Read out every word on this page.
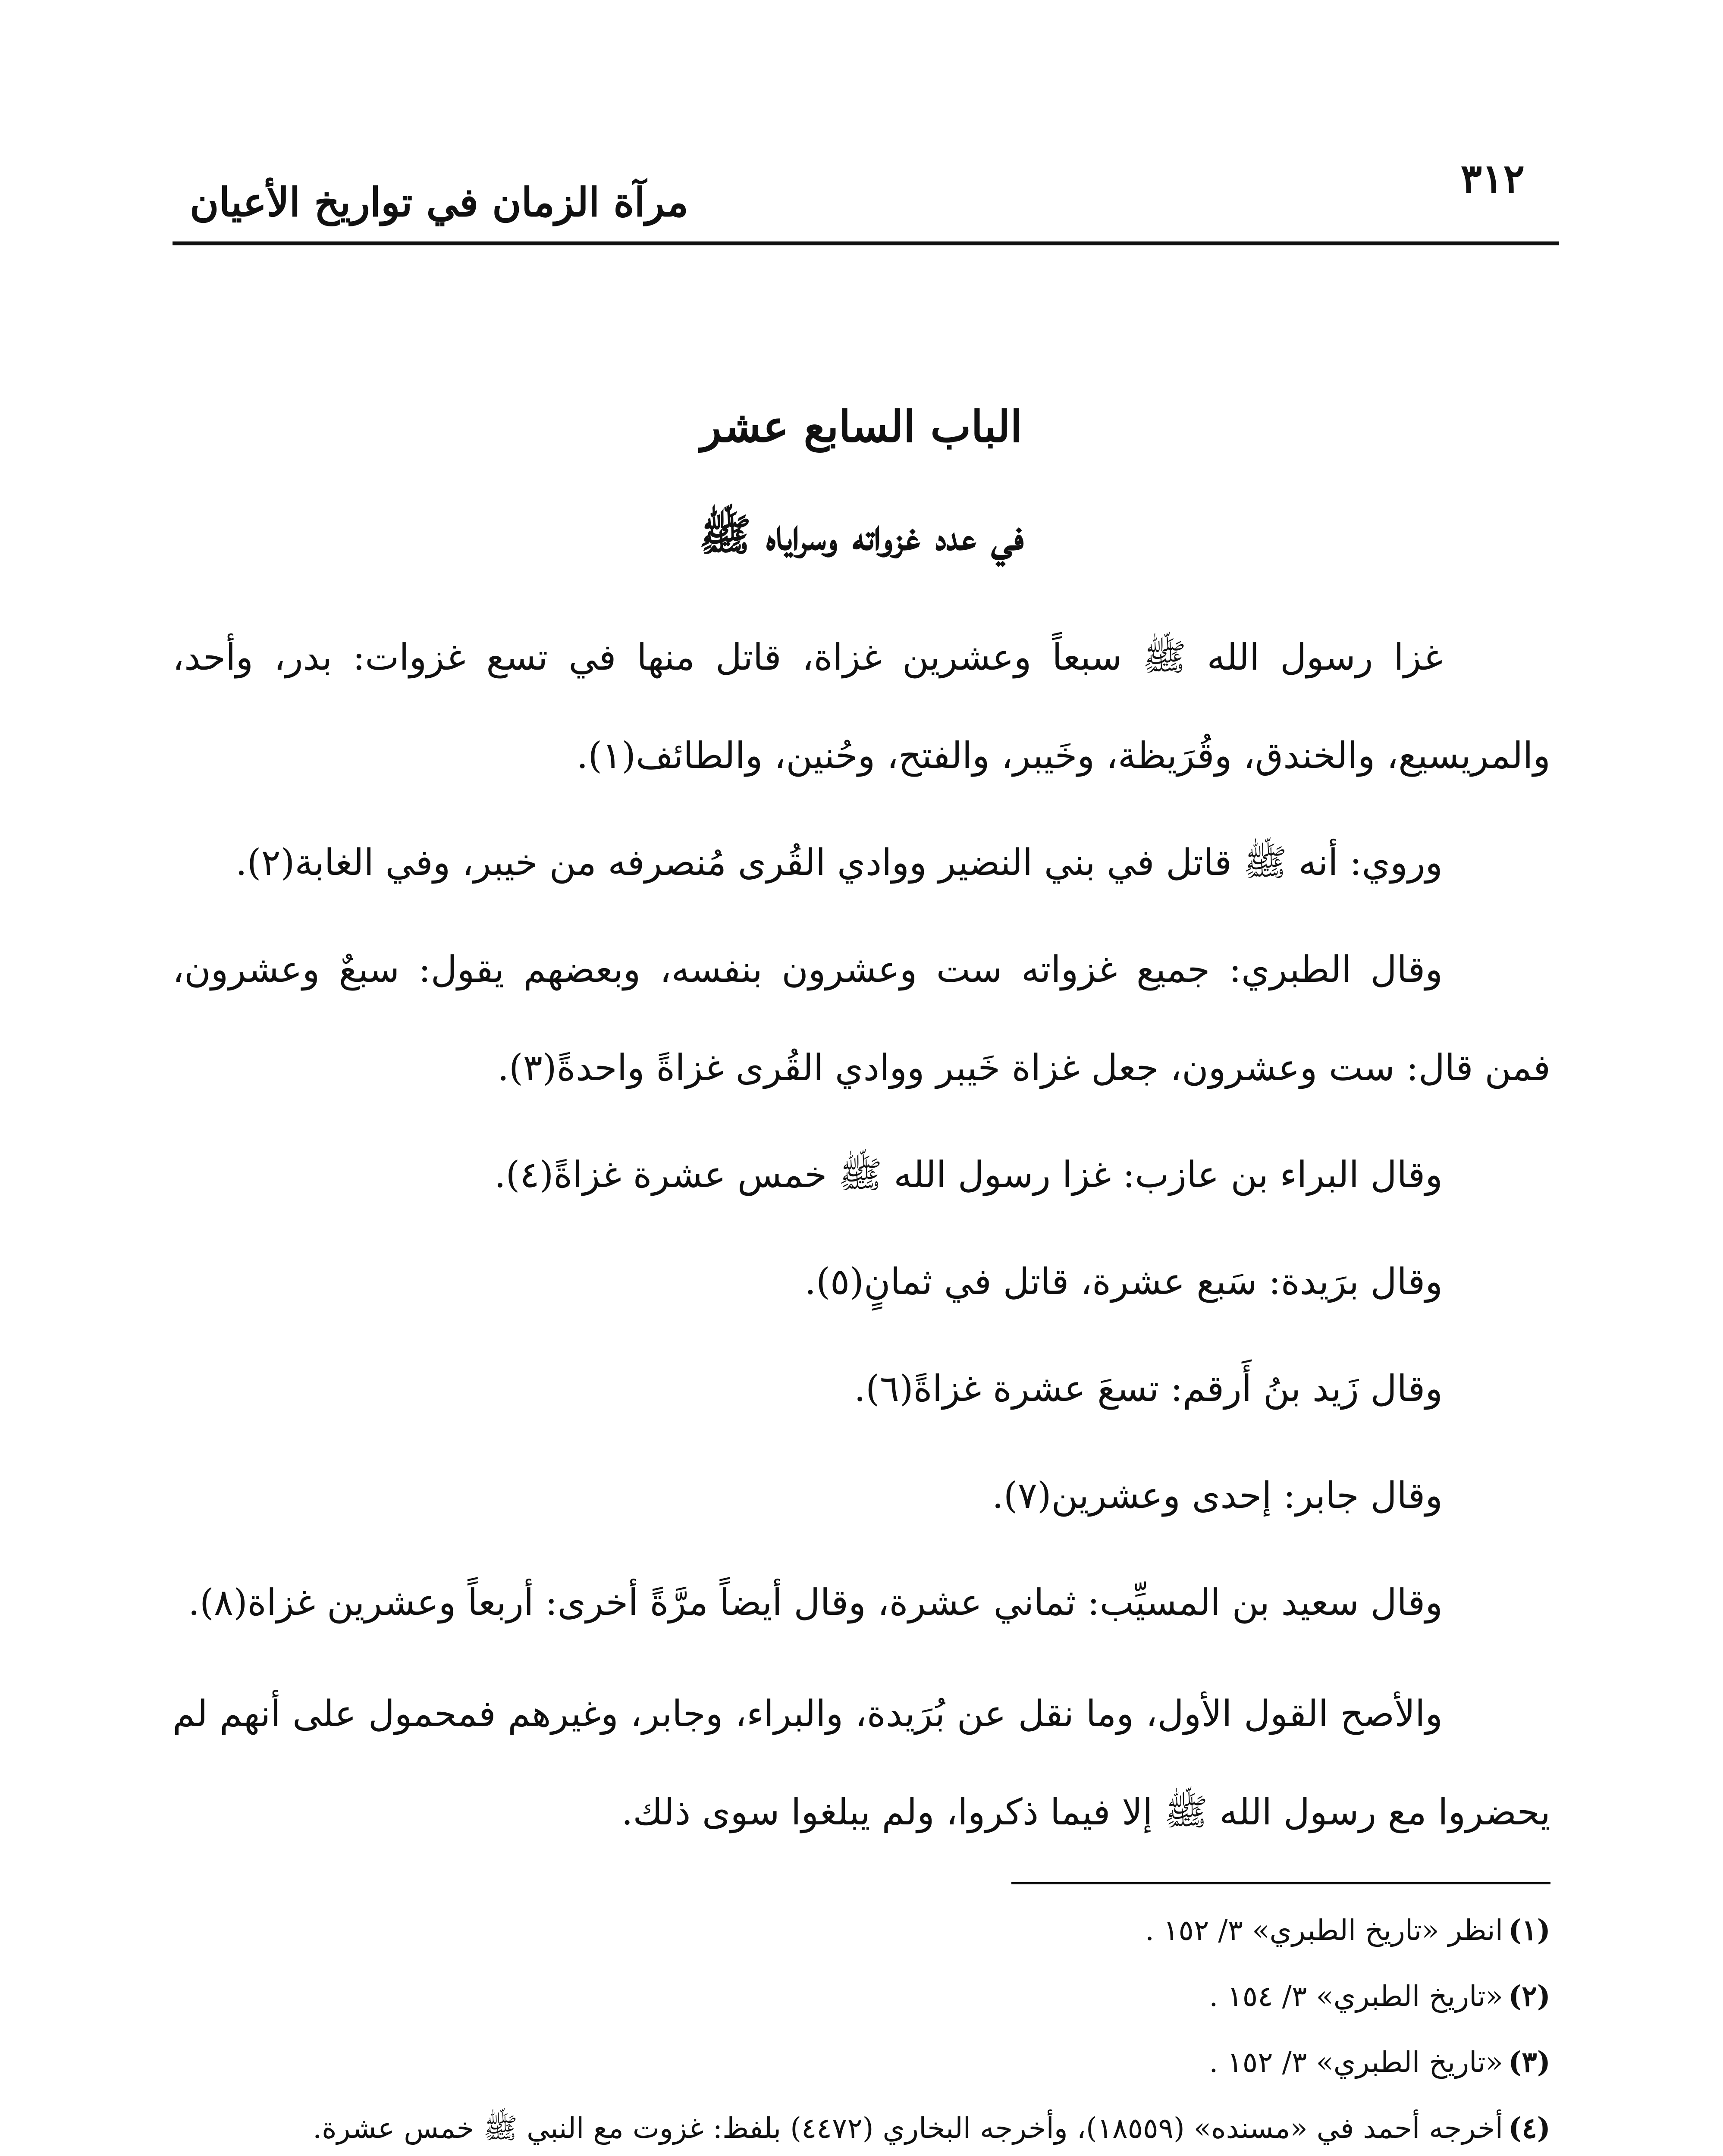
٣١٢
مرآة الزمان في تواريخ الأعيان
الباب السابع عشر
في عدد غزواته وسراياه ﷺ

غزا رسول الله ﷺ سبعاً وعشرين غزاة، قاتل منها في تسع غزوات: بدر، وأحد، والمريسيع، والخندق، وقُرَيظة، وخَيبر، والفتح، وحُنين، والطائف(١).

وروي: أنه ﷺ قاتل في بني النضير ووادي القُرى مُنصرفه من خيبر، وفي الغابة(٢).

وقال الطبري: جميع غزواته ست وعشرون بنفسه، وبعضهم يقول: سبعٌ وعشرون، فمن قال: ست وعشرون، جعل غزاة خَيبر ووادي القُرى غزاةً واحدةً(٣).

وقال البراء بن عازب: غزا رسول الله ﷺ خمس عشرة غزاةً(٤).

وقال برَيدة: سَبع عشرة، قاتل في ثمانٍ(٥).

وقال زَيد بنُ أَرقم: تسعَ عشرة غزاةً(٦).

وقال جابر: إحدى وعشرين(٧).

وقال سعيد بن المسيِّب: ثماني عشرة، وقال أيضاً مرَّةً أخرى: أربعاً وعشرين غزاة(٨).

والأصح القول الأول، وما نقل عن بُرَيدة، والبراء، وجابر، وغيرهم فمحمول على أنهم لم يحضروا مع رسول الله ﷺ إلا فيما ذكروا، ولم يبلغوا سوى ذلك.

(١)
انظر «تاريخ الطبري» ٣/ ١٥٢ .
(٢)
«تاريخ الطبري» ٣/ ١٥٤ .
(٣)
«تاريخ الطبري» ٣/ ١٥٢ .
(٤)
أخرجه أحمد في «مسنده» (١٨٥٥٩)، وأخرجه البخاري (٤٤٧٢) بلفظ: غزوت مع النبي ﷺ خمس عشرة.
